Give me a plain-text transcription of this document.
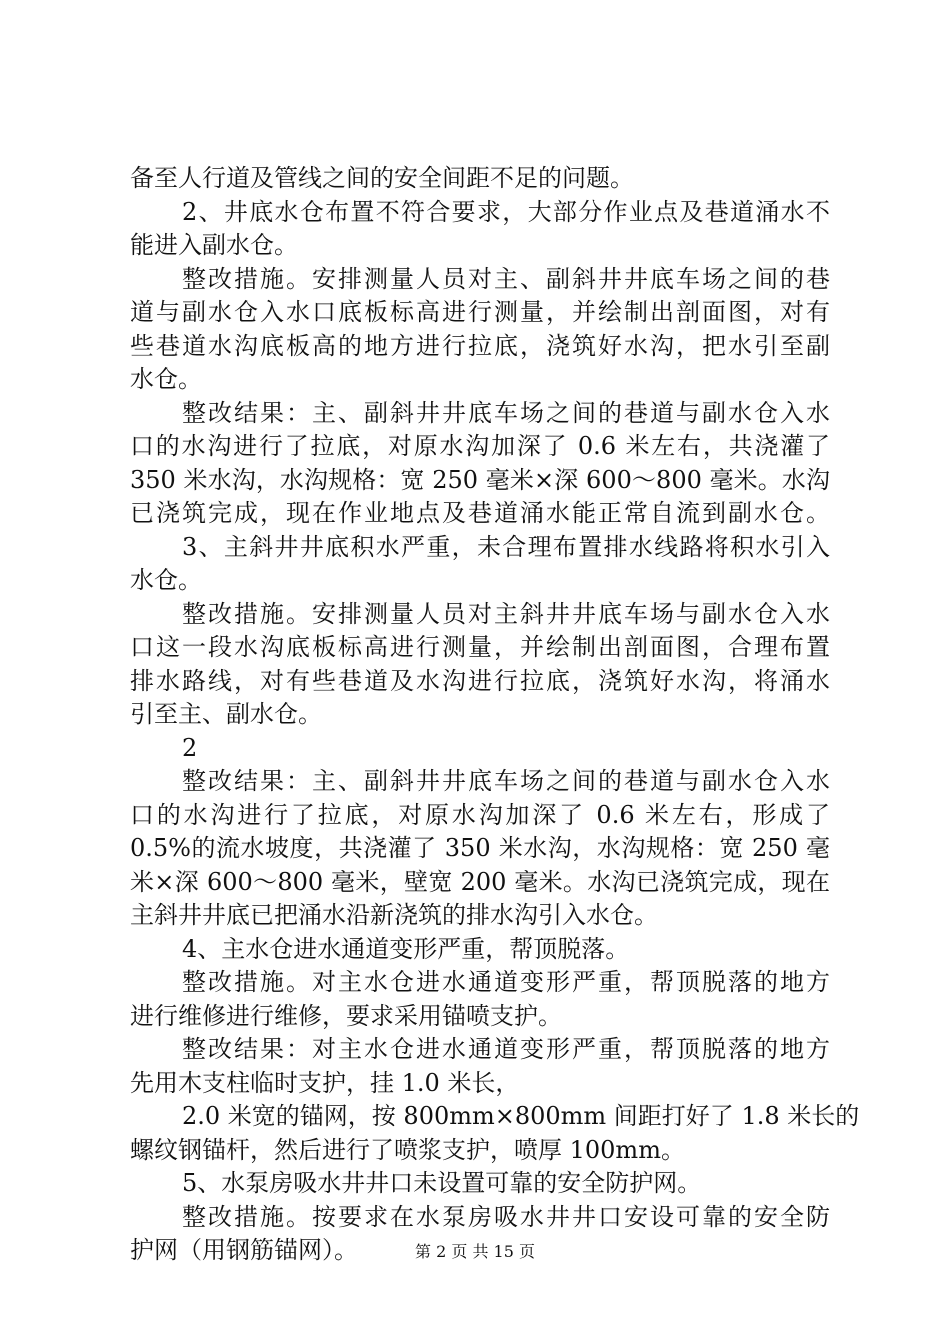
备至人行道及管线之间的安全间距不足的问题。
2、井底水仓布置不符合要求，大部分作业点及巷道涌水不
能进入副水仓。
整改措施。安排测量人员对主、副斜井井底车场之间的巷
道与副水仓入水口底板标高进行测量，并绘制出剖面图，对有
些巷道水沟底板高的地方进行拉底，浇筑好水沟，把水引至副
水仓。
整改结果：主、副斜井井底车场之间的巷道与副水仓入水
口的水沟进行了拉底，对原水沟加深了 0.6 米左右，共浇灌了
350 米水沟，水沟规格：宽 250 毫米×深 600～800 毫米。水沟
已浇筑完成，现在作业地点及巷道涌水能正常自流到副水仓。
3、主斜井井底积水严重，未合理布置排水线路将积水引入
水仓。
整改措施。安排测量人员对主斜井井底车场与副水仓入水
口这一段水沟底板标高进行测量，并绘制出剖面图，合理布置
排水路线，对有些巷道及水沟进行拉底，浇筑好水沟，将涌水
引至主、副水仓。
2
整改结果：主、副斜井井底车场之间的巷道与副水仓入水
口的水沟进行了拉底，对原水沟加深了 0.6 米左右，形成了
0.5%的流水坡度，共浇灌了 350 米水沟，水沟规格：宽 250 毫
米×深 600～800 毫米，壁宽 200 毫米。水沟已浇筑完成，现在
主斜井井底已把涌水沿新浇筑的排水沟引入水仓。
4、主水仓进水通道变形严重，帮顶脱落。
整改措施。对主水仓进水通道变形严重，帮顶脱落的地方
进行维修进行维修，要求采用锚喷支护。
整改结果：对主水仓进水通道变形严重，帮顶脱落的地方
先用木支柱临时支护，挂 1.0 米长，
2.0 米宽的锚网，按 800mm×800mm 间距打好了 1.8 米长的
螺纹钢锚杆，然后进行了喷浆支护，喷厚 100mm。
5、水泵房吸水井井口未设置可靠的安全防护网。
整改措施。按要求在水泵房吸水井井口安设可靠的安全防
护网（用钢筋锚网）。	第 2 页 共 15 页
